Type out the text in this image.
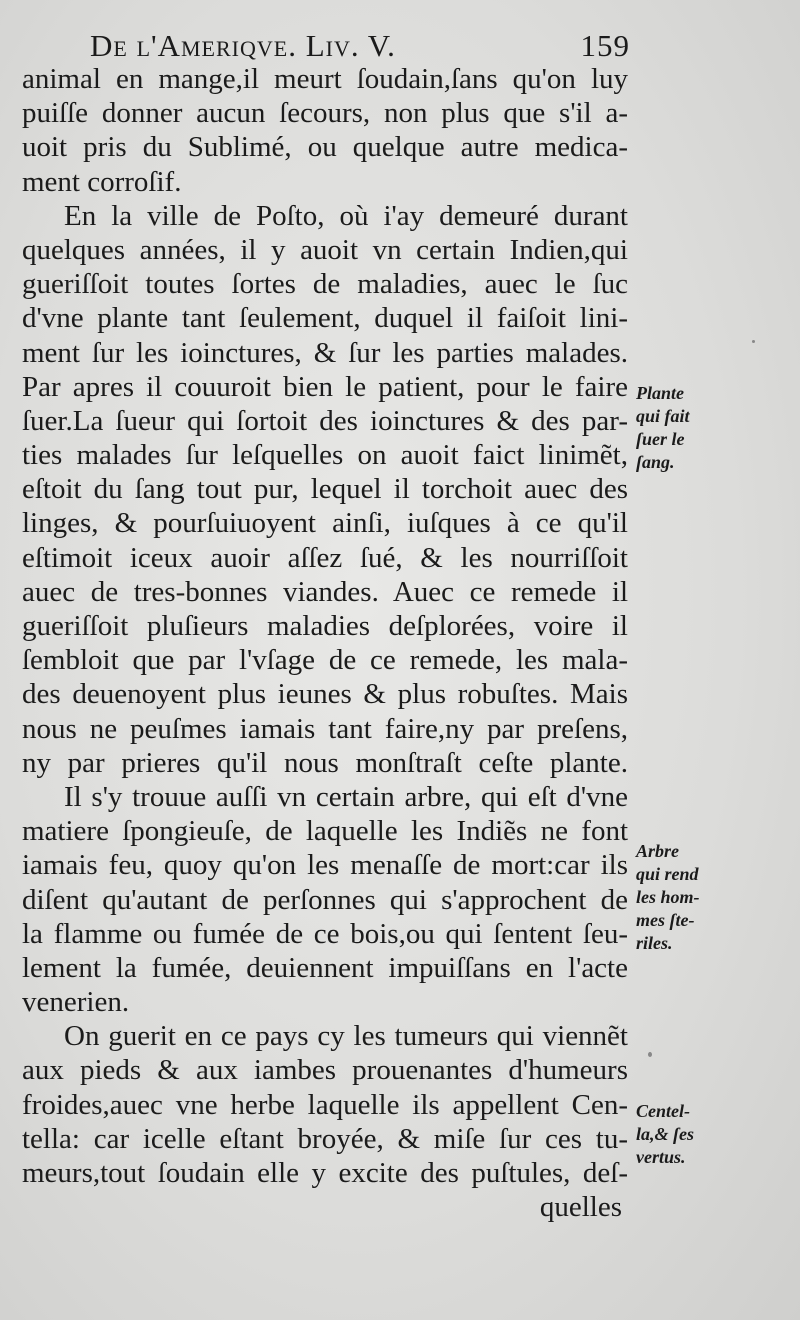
De l'Ameriqve. Liv. V.	159
animal en mange,il meurt ſoudain,ſans qu'on luy
puiſſe donner aucun ſecours, non plus que s'il a-
uoit pris du Sublimé, ou quelque autre medica-
ment corroſif.
En la ville de Poſto, où i'ay demeuré durant
quelques années, il y auoit vn certain Indien,qui
gueriſſoit toutes ſortes de maladies, auec le ſuc
d'vne plante tant ſeulement, duquel il faiſoit lini-
ment ſur les ioinctures, & ſur les parties malades.
Par apres il couuroit bien le patient, pour le faire
ſuer.La ſueur qui ſortoit des ioinctures & des par-
ties malades ſur leſquelles on auoit faict linimẽt,
eſtoit du ſang tout pur, lequel il torchoit auec des
linges, & pourſuiuoyent ainſi, iuſques à ce qu'il
eſtimoit iceux auoir aſſez ſué, & les nourriſſoit
auec de tres-bonnes viandes. Auec ce remede il
gueriſſoit pluſieurs maladies deſplorées, voire il
ſembloit que par l'vſage de ce remede, les mala-
des deuenoyent plus ieunes & plus robuſtes. Mais
nous ne peuſmes iamais tant faire,ny par preſens,
ny par prieres qu'il nous monſtraſt ceſte plante.
Il s'y trouue auſſi vn certain arbre, qui eſt d'vne
matiere ſpongieuſe, de laquelle les Indiẽs ne font
iamais feu, quoy qu'on les menaſſe de mort:car ils
diſent qu'autant de perſonnes qui s'approchent de
la flamme ou fumée de ce bois,ou qui ſentent ſeu-
lement la fumée, deuiennent impuiſſans en l'acte
venerien.
On guerit en ce pays cy les tumeurs qui viennẽt
aux pieds & aux iambes prouenantes d'humeurs
froides,auec vne herbe laquelle ils appellent Cen-
tella: car icelle eſtant broyée, & miſe ſur ces tu-
meurs,tout ſoudain elle y excite des puſtules, deſ-
quelles
Plante
qui fait
ſuer le
ſang.
Arbre
qui rend
les hom-
mes ſte-
riles.
Centel-
la,& ſes
vertus.
